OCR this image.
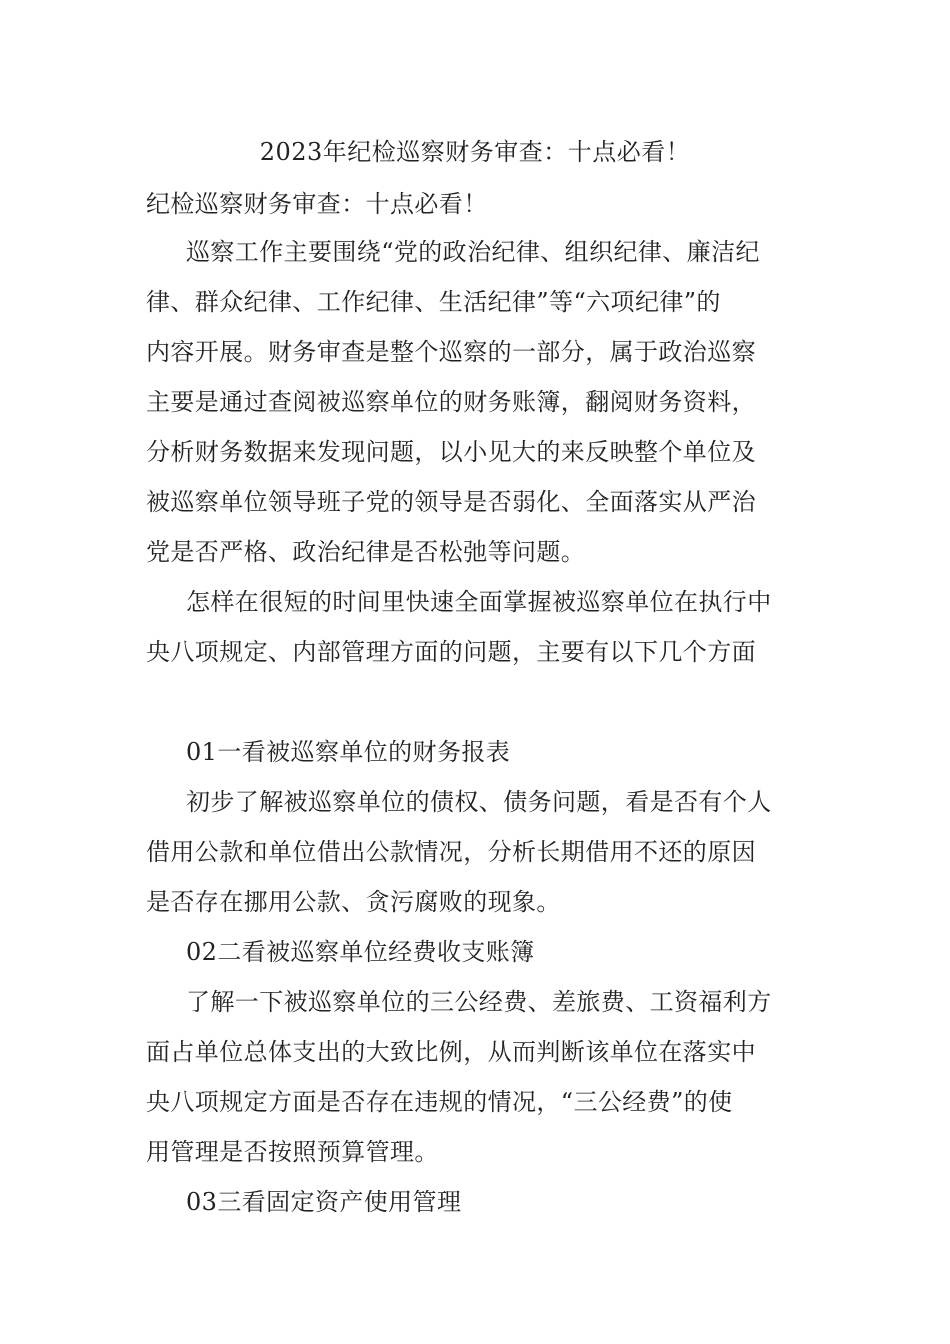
2023年纪检巡察财务审查：十点必看！

纪检巡察财务审查：十点必看！

巡察工作主要围绕“党的政治纪律、组织纪律、廉洁纪

律、群众纪律、工作纪律、生活纪律”等“六项纪律”的

内容开展。财务审查是整个巡察的一部分，属于政治巡察

主要是通过查阅被巡察单位的财务账簿，翻阅财务资料，

分析财务数据来发现问题，以小见大的来反映整个单位及

被巡察单位领导班子党的领导是否弱化、全面落实从严治

党是否严格、政治纪律是否松弛等问题。

怎样在很短的时间里快速全面掌握被巡察单位在执行中

央八项规定、内部管理方面的问题，主要有以下几个方面

01一看被巡察单位的财务报表

初步了解被巡察单位的债权、债务问题，看是否有个人

借用公款和单位借出公款情况，分析长期借用不还的原因

是否存在挪用公款、贪污腐败的现象。

02二看被巡察单位经费收支账簿

了解一下被巡察单位的三公经费、差旅费、工资福利方

面占单位总体支出的大致比例，从而判断该单位在落实中

央八项规定方面是否存在违规的情况，“三公经费”的使

用管理是否按照预算管理。

03三看固定资产使用管理
